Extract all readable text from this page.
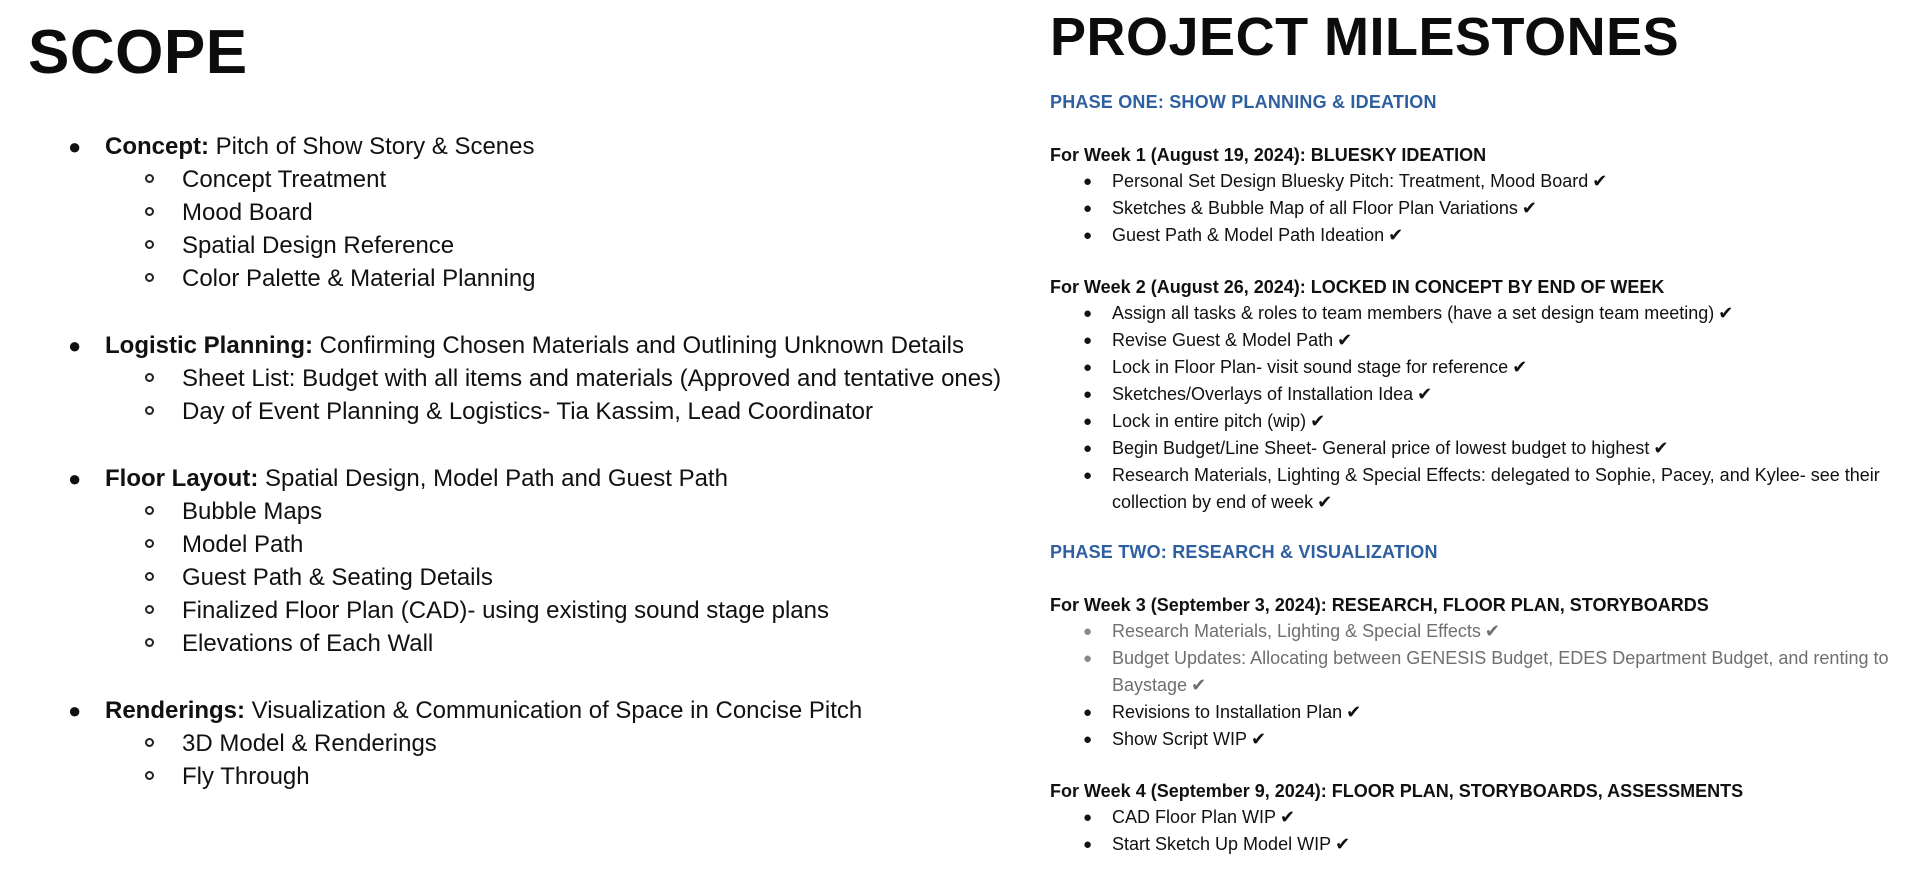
SCOPE
● Concept: Pitch of Show Story & Scenes
Concept Treatment
Mood Board
Spatial Design Reference
Color Palette & Material Planning
● Logistic Planning: Confirming Chosen Materials and Outlining Unknown Details
Sheet List: Budget with all items and materials (Approved and tentative ones)
Day of Event Planning & Logistics- Tia Kassim, Lead Coordinator
● Floor Layout: Spatial Design, Model Path and Guest Path
Bubble Maps
Model Path
Guest Path & Seating Details
Finalized Floor Plan (CAD)- using existing sound stage plans
Elevations of Each Wall
● Renderings: Visualization & Communication of Space in Concise Pitch
3D Model & Renderings
Fly Through
PROJECT MILESTONES
PHASE ONE: SHOW PLANNING & IDEATION

For Week 1 (August 19, 2024): BLUESKY IDEATION

● Personal Set Design Bluesky Pitch: Treatment, Mood Board ✔
● Sketches & Bubble Map of all Floor Plan Variations ✔
● Guest Path & Model Path Ideation ✔

For Week 2 (August 26, 2024): LOCKED IN CONCEPT BY END OF WEEK

● Assign all tasks & roles to team members (have a set design team meeting) ✔
● Revise Guest & Model Path ✔
● Lock in Floor Plan- visit sound stage for reference ✔
● Sketches/Overlays of Installation Idea ✔
● Lock in entire pitch (wip) ✔
● Begin Budget/Line Sheet- General price of lowest budget to highest ✔
● Research Materials, Lighting & Special Effects: delegated to Sophie, Pacey, and Kylee- see their collection by end of week ✔
PHASE TWO: RESEARCH & VISUALIZATION

For Week 3 (September 3, 2024): RESEARCH, FLOOR PLAN, STORYBOARDS

● Research Materials, Lighting & Special Effects ✔
● Budget Updates: Allocating between GENESIS Budget, EDES Department Budget, and renting to Baystage ✔
● Revisions to Installation Plan ✔
● Show Script WIP ✔

For Week 4 (September 9, 2024): FLOOR PLAN, STORYBOARDS, ASSESSMENTS

● CAD Floor Plan WIP ✔
● Start Sketch Up Model WIP ✔
